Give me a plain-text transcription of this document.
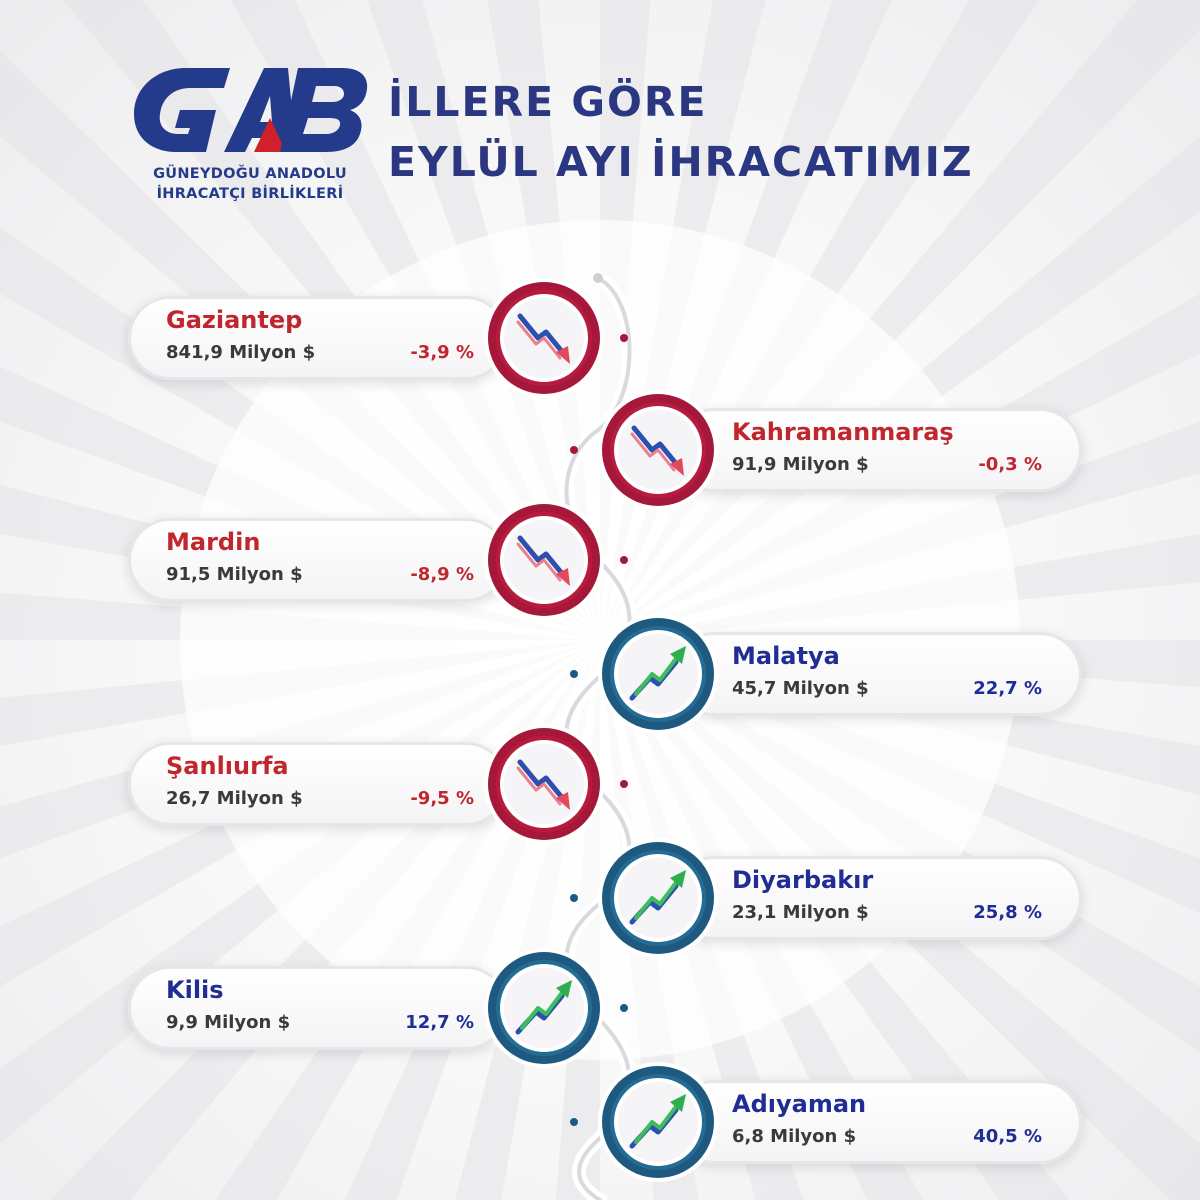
GÜNEYDOĞU ANADOLU
İHRACATÇI BİRLİKLERİ
İLLERE GÖRE
EYLÜL AYI İHRACATIMIZ
Gaziantep
841,9 Milyon $	-3,9 %
Kahramanmaraş
91,9 Milyon $	-0,3 %
Mardin
91,5 Milyon $	-8,9 %
Malatya
45,7 Milyon $	22,7 %
Şanlıurfa
26,7 Milyon $	-9,5 %
Diyarbakır
23,1 Milyon $	25,8 %
Kilis
9,9 Milyon $	12,7 %
Adıyaman
6,8 Milyon $	40,5 %
